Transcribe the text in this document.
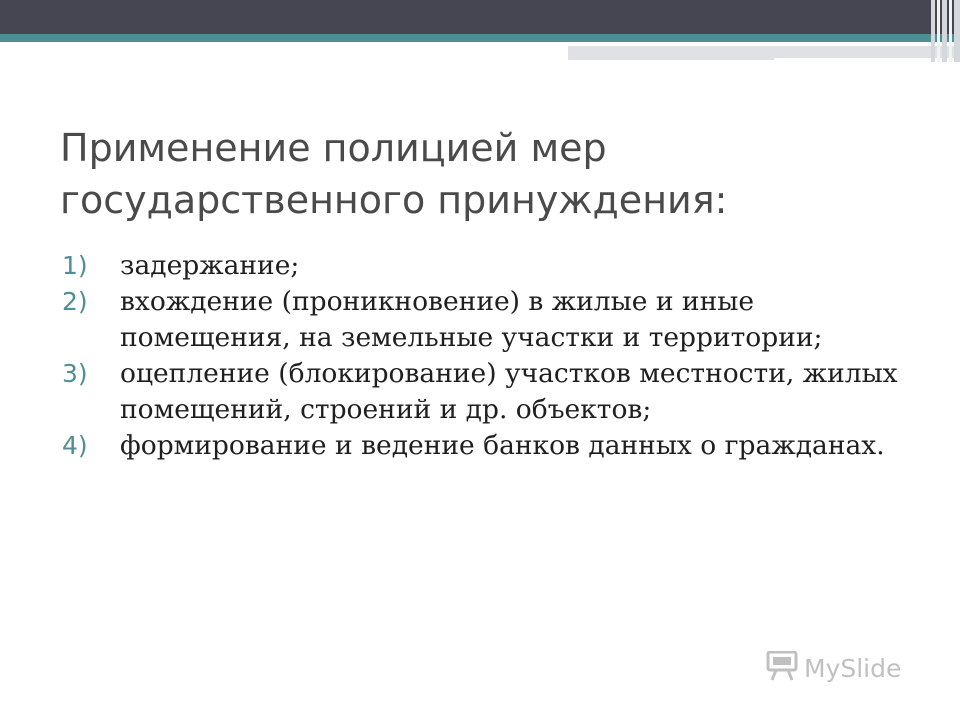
Применение полицией мер государственного принуждения:
1) задержание;
2) вхождение (проникновение) в жилые и иные помещения, на земельные участки и территории;
3) оцепление (блокирование) участков местности, жилых помещений, строений и др. объектов;
4) формирование и ведение банков данных о гражданах.
MySlide
